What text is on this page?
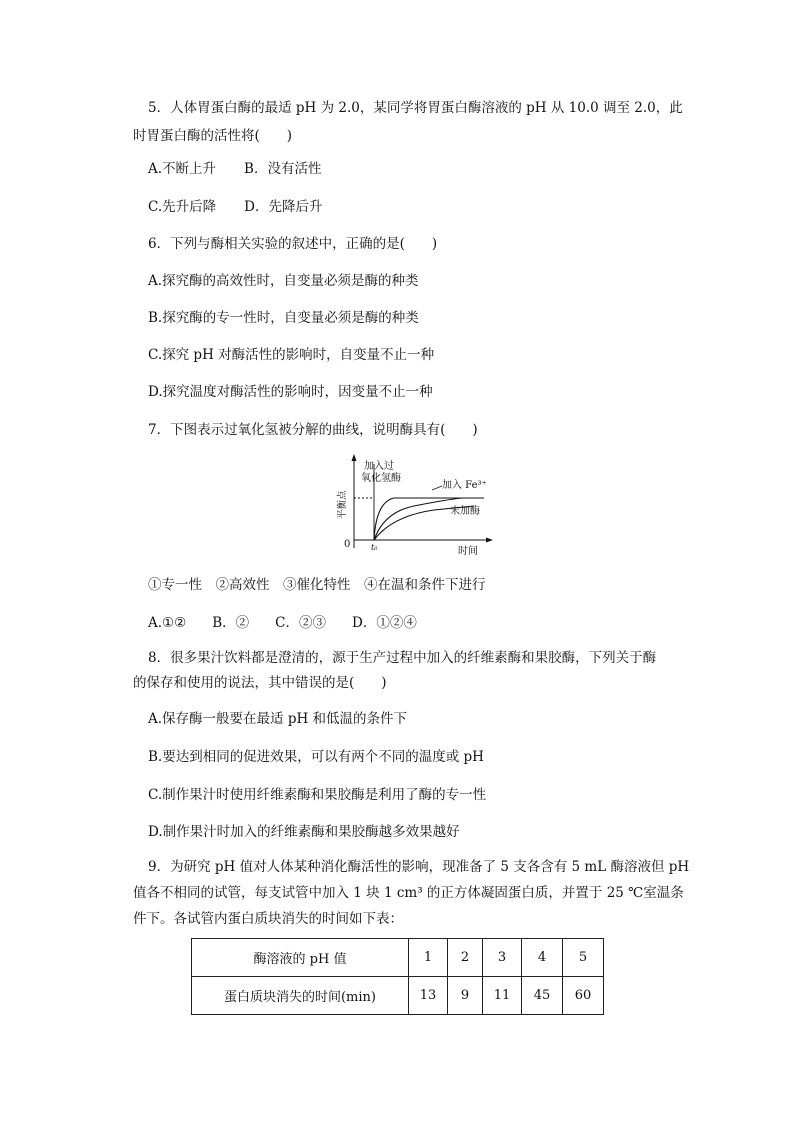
5．人体胃蛋白酶的最适 pH 为 2.0，某同学将胃蛋白酶溶液的 pH 从 10.0 调至 2.0，此
时胃蛋白酶的活性将(　　)
A.不断上升 B．没有活性
C.先升后降 D．先降后升
6．下列与酶相关实验的叙述中，正确的是(　　)
A.探究酶的高效性时，自变量必须是酶的种类
B.探究酶的专一性时，自变量必须是酶的种类
C.探究 pH 对酶活性的影响时，自变量不止一种
D.探究温度对酶活性的影响时，因变量不止一种
7．下图表示过氧化氢被分解的曲线，说明酶具有(　　)
加入过
氧化氢酶
加入 Fe³⁺
未加酶
平衡点
0	t₀	时间
①专一性　②高效性　③催化特性　④在温和条件下进行
A.①② B．② C．②③ D．①②④
8．很多果汁饮料都是澄清的，源于生产过程中加入的纤维素酶和果胶酶，下列关于酶
的保存和使用的说法，其中错误的是(　　)
A.保存酶一般要在最适 pH 和低温的条件下
B.要达到相同的促进效果，可以有两个不同的温度或 pH
C.制作果汁时使用纤维素酶和果胶酶是利用了酶的专一性
D.制作果汁时加入的纤维素酶和果胶酶越多效果越好
9．为研究 pH 值对人体某种消化酶活性的影响，现准备了 5 支各含有 5 mL 酶溶液但 pH
值各不相同的试管，每支试管中加入 1 块 1 cm³ 的正方体凝固蛋白质，并置于 25 ℃室温条
件下。各试管内蛋白质块消失的时间如下表：
酶溶液的 pH 值	1	2	3	4	5
蛋白质块消失的时间(min)	13	9	11	45	60
